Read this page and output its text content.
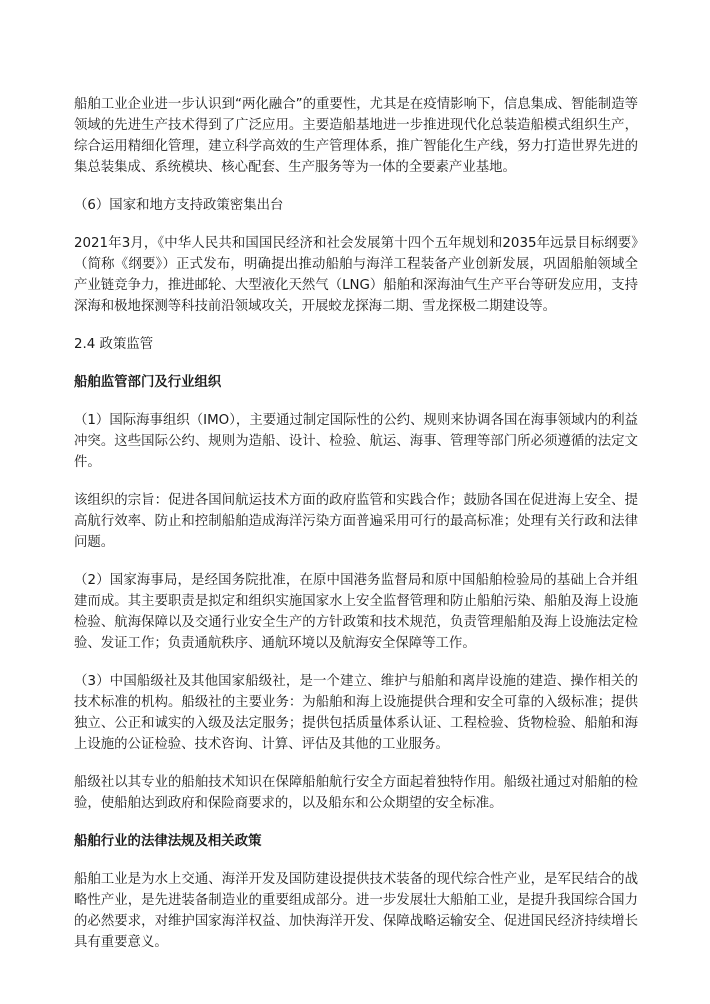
船舶工业企业进一步认识到“两化融合”的重要性，尤其是在疫情影响下，信息集成、智能制造等领域的先进生产技术得到了广泛应用。主要造船基地进一步推进现代化总装造船模式组织生产，综合运用精细化管理，建立科学高效的生产管理体系，推广智能化生产线，努力打造世界先进的集总装集成、系统模块、核心配套、生产服务等为一体的全要素产业基地。

（6）国家和地方支持政策密集出台

2021年3月，《中华人民共和国国民经济和社会发展第十四个五年规划和2035年远景目标纲要》（简称《纲要》）正式发布，明确提出推动船舶与海洋工程装备产业创新发展，巩固船舶领域全产业链竞争力，推进邮轮、大型液化天然气（LNG）船舶和深海油气生产平台等研发应用，支持深海和极地探测等科技前沿领域攻关，开展蛟龙探海二期、雪龙探极二期建设等。

2.4 政策监管

船舶监管部门及行业组织

（1）国际海事组织（IMO），主要通过制定国际性的公约、规则来协调各国在海事领域内的利益冲突。这些国际公约、规则为造船、设计、检验、航运、海事、管理等部门所必须遵循的法定文件。

该组织的宗旨：促进各国间航运技术方面的政府监管和实践合作；鼓励各国在促进海上安全、提高航行效率、防止和控制船舶造成海洋污染方面普遍采用可行的最高标准；处理有关行政和法律问题。

（2）国家海事局，是经国务院批准，在原中国港务监督局和原中国船舶检验局的基础上合并组建而成。其主要职责是拟定和组织实施国家水上安全监督管理和防止船舶污染、船舶及海上设施检验、航海保障以及交通行业安全生产的方针政策和技术规范，负责管理船舶及海上设施法定检验、发证工作；负责通航秩序、通航环境以及航海安全保障等工作。

（3）中国船级社及其他国家船级社，是一个建立、维护与船舶和离岸设施的建造、操作相关的技术标准的机构。船级社的主要业务：为船舶和海上设施提供合理和安全可靠的入级标准；提供独立、公正和诚实的入级及法定服务；提供包括质量体系认证、工程检验、货物检验、船舶和海上设施的公证检验、技术咨询、计算、评估及其他的工业服务。

船级社以其专业的船舶技术知识在保障船舶航行安全方面起着独特作用。船级社通过对船舶的检验，使船舶达到政府和保险商要求的，以及船东和公众期望的安全标准。

船舶行业的法律法规及相关政策

船舶工业是为水上交通、海洋开发及国防建设提供技术装备的现代综合性产业，是军民结合的战略性产业，是先进装备制造业的重要组成部分。进一步发展壮大船舶工业，是提升我国综合国力的必然要求，对维护国家海洋权益、加快海洋开发、保障战略运输安全、促进国民经济持续增长具有重要意义。
